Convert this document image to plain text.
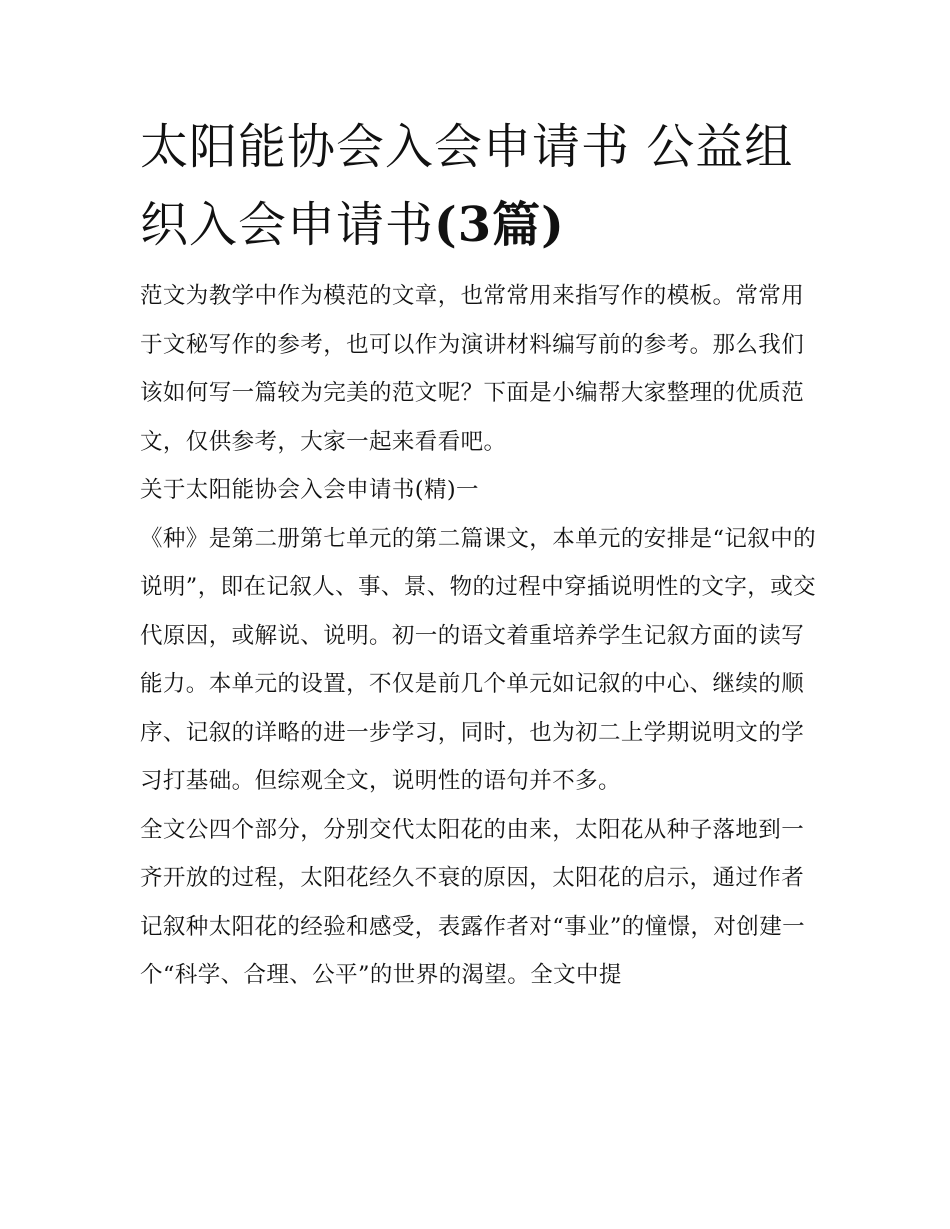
太阳能协会入会申请书 公益组织入会申请书(3篇)

范文为教学中作为模范的文章，也常常用来指写作的模板。常常用于文秘写作的参考，也可以作为演讲材料编写前的参考。那么我们该如何写一篇较为完美的范文呢？下面是小编帮大家整理的优质范文，仅供参考，大家一起来看看吧。

关于太阳能协会入会申请书(精)一

《种》是第二册第七单元的第二篇课文，本单元的安排是“记叙中的说明”，即在记叙人、事、景、物的过程中穿插说明性的文字，或交代原因，或解说、说明。初一的语文着重培养学生记叙方面的读写能力。本单元的设置，不仅是前几个单元如记叙的中心、继续的顺序、记叙的详略的进一步学习，同时，也为初二上学期说明文的学习打基础。但综观全文，说明性的语句并不多。

全文公四个部分，分别交代太阳花的由来，太阳花从种子落地到一齐开放的过程，太阳花经久不衰的原因，太阳花的启示，通过作者记叙种太阳花的经验和感受，表露作者对“事业”的憧憬，对创建一个“科学、合理、公平”的世界的渴望。全文中提
